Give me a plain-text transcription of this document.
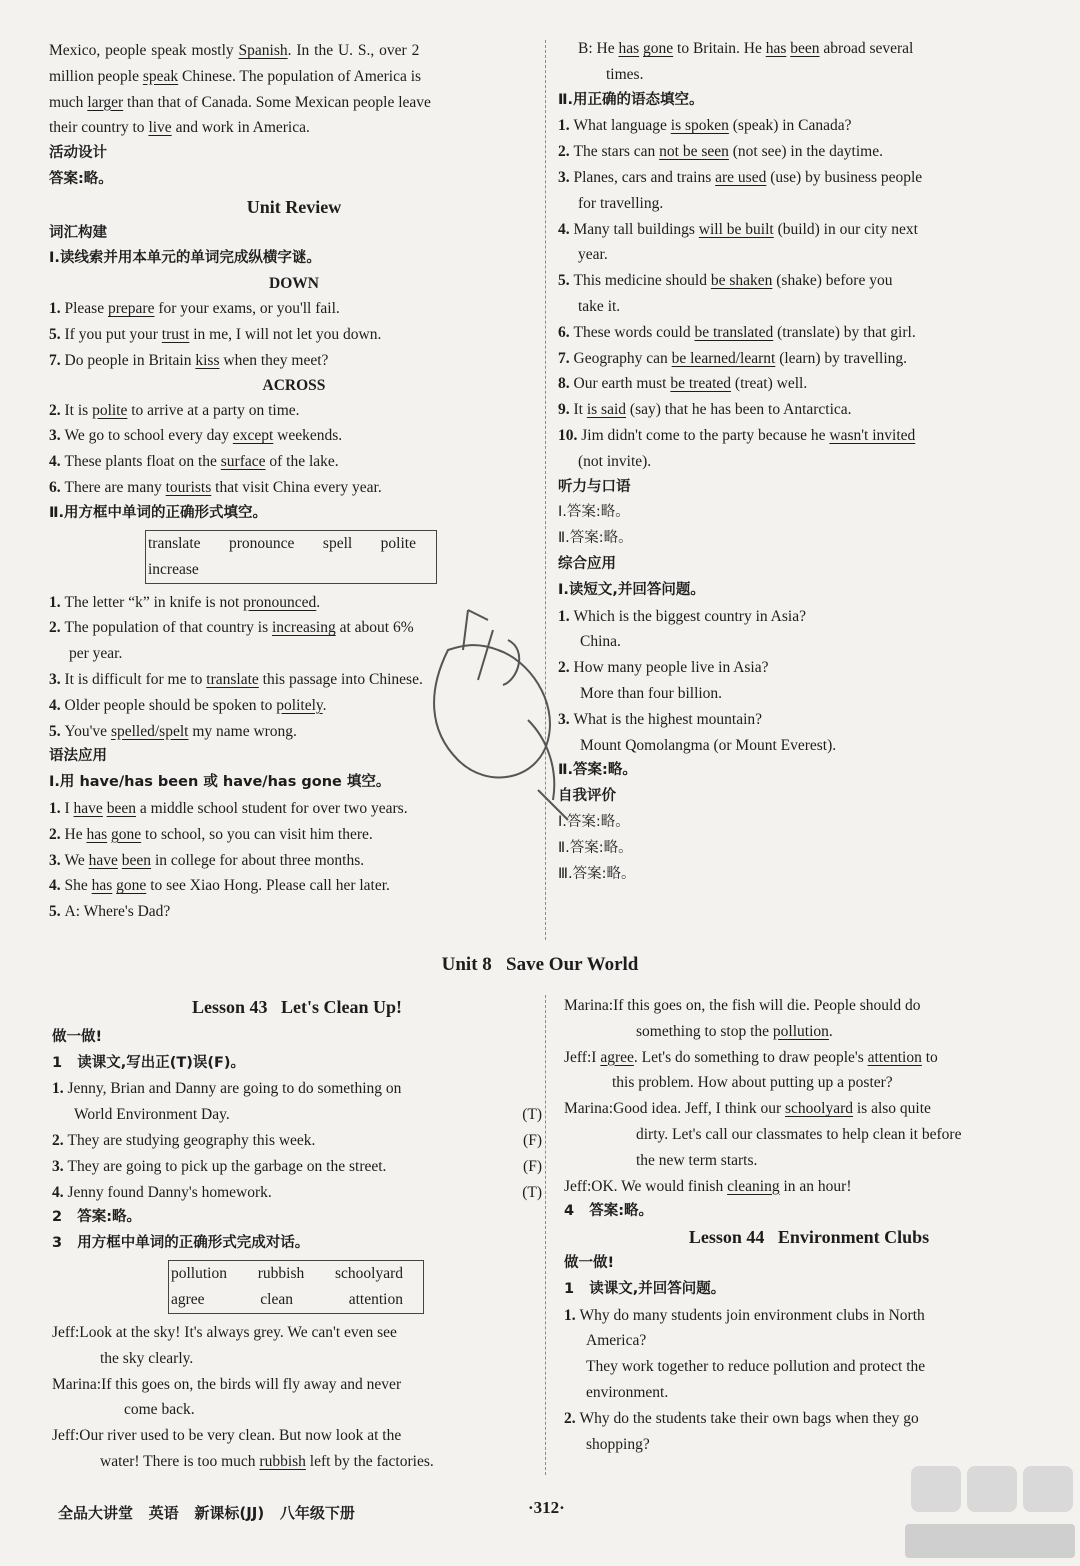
Mexico, people speak mostly Spanish. In the U. S., over 2
million people speak Chinese. The population of America is
much larger than that of Canada. Some Mexican people leave
their country to live and work in America.
活动设计
答案:略。
Unit Review
词汇构建
Ⅰ.读线索并用本单元的单词完成纵横字谜。
DOWN
1. Please prepare for your exams, or you'll fail.
5. If you put your trust in me, I will not let you down.
7. Do people in Britain kiss when they meet?
ACROSS
2. It is polite to arrive at a party on time.
3. We go to school every day except weekends.
4. These plants float on the surface of the lake.
6. There are many tourists that visit China every year.
Ⅱ.用方框中单词的正确形式填空。
translate pronounce spell polite
increase
1. The letter “k” in knife is not pronounced.
2. The population of that country is increasing at about 6%
per year.
3. It is difficult for me to translate this passage into Chinese.
4. Older people should be spoken to politely.
5. You've spelled/spelt my name wrong.
语法应用
Ⅰ.用 have/has been 或 have/has gone 填空。
1. I have been a middle school student for over two years.
2. He has gone to school, so you can visit him there.
3. We have been in college for about three months.
4. She has gone to see Xiao Hong. Please call her later.
5. A: Where's Dad?
B: He has gone to Britain. He has been abroad several
times.
Ⅱ.用正确的语态填空。
1. What language is spoken (speak) in Canada?
2. The stars can not be seen (not see) in the daytime.
3. Planes, cars and trains are used (use) by business people
for travelling.
4. Many tall buildings will be built (build) in our city next
year.
5. This medicine should be shaken (shake) before you
take it.
6. These words could be translated (translate) by that girl.
7. Geography can be learned/learnt (learn) by travelling.
8. Our earth must be treated (treat) well.
9. It is said (say) that he has been to Antarctica.
10. Jim didn't come to the party because he wasn't invited
(not invite).
听力与口语
Ⅰ.答案:略。
Ⅱ.答案:略。
综合应用
Ⅰ.读短文,并回答问题。
1. Which is the biggest country in Asia?
China.
2. How many people live in Asia?
More than four billion.
3. What is the highest mountain?
Mount Qomolangma (or Mount Everest).
Ⅱ.答案:略。
自我评价
Ⅰ.答案:略。
Ⅱ.答案:略。
Ⅲ.答案:略。
Unit 8   Save Our World
Lesson 43   Let's Clean Up!
做一做!
1   读课文,写出正(T)误(F)。
1. Jenny, Brian and Danny are going to do something on
World Environment Day.	(T)
2. They are studying geography this week.	(F)
3. They are going to pick up the garbage on the street.	(F)
4. Jenny found Danny's homework.	(T)
2   答案:略。
3   用方框中单词的正确形式完成对话。
pollution rubbish schoolyard
agree	clean	attention
Jeff:Look at the sky! It's always grey. We can't even see
the sky clearly.
Marina:If this goes on, the birds will fly away and never
come back.
Jeff:Our river used to be very clean. But now look at the
water! There is too much rubbish left by the factories.
Marina:If this goes on, the fish will die. People should do
something to stop the pollution.
Jeff:I agree. Let's do something to draw people's attention to
this problem. How about putting up a poster?
Marina:Good idea. Jeff, I think our schoolyard is also quite
dirty. Let's call our classmates to help clean it before
the new term starts.
Jeff:OK. We would finish cleaning in an hour!
4   答案:略。
Lesson 44   Environment Clubs
做一做!
1   读课文,并回答问题。
1. Why do many students join environment clubs in North
America?
They work together to reduce pollution and protect the
environment.
2. Why do the students take their own bags when they go
shopping?
全品大讲堂   英语   新课标(JJ)   八年级下册	·312·
